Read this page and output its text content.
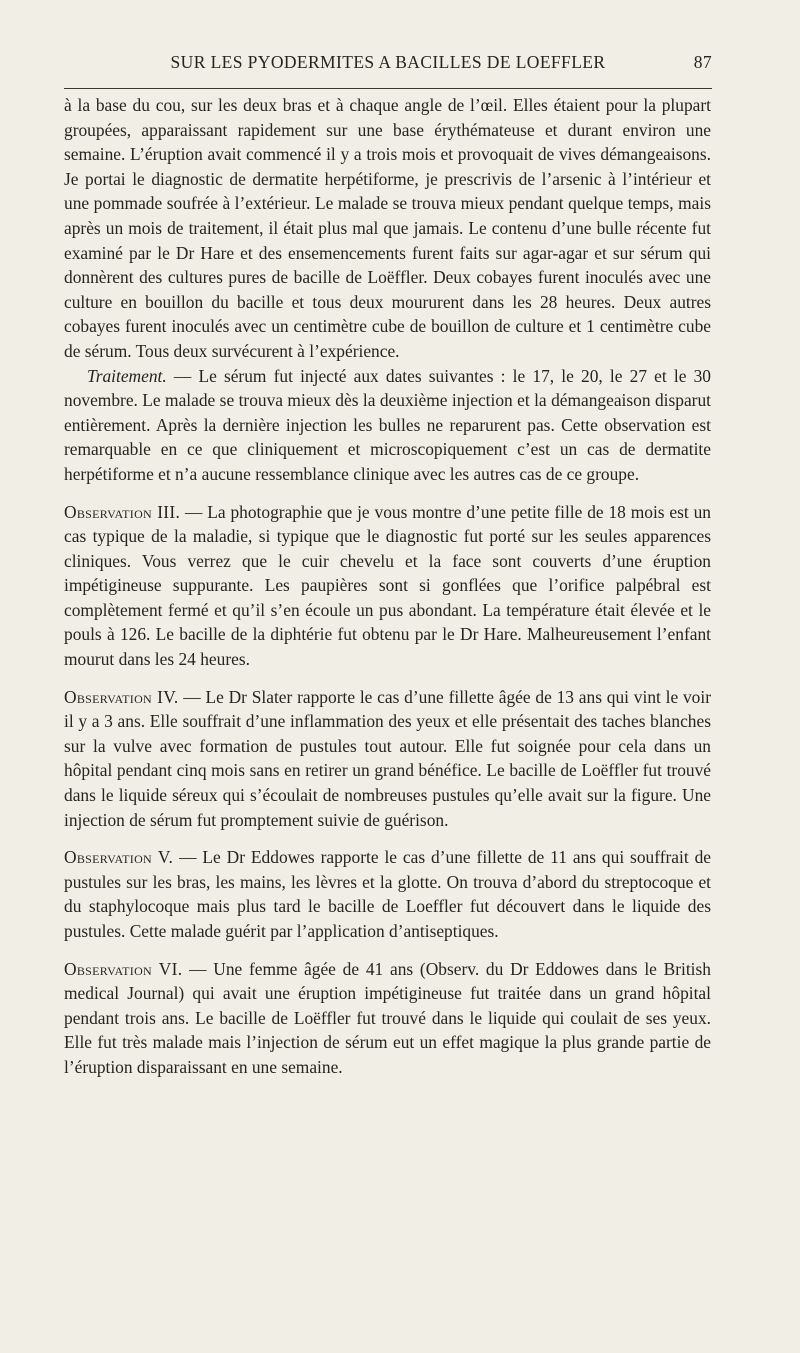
SUR LES PYODERMITES A BACILLES DE LOEFFLER	87

à la base du cou, sur les deux bras et à chaque angle de l’œil. Elles étaient pour la plupart groupées, apparaissant rapidement sur une base érythémateuse et durant environ une semaine. L’éruption avait commencé il y a trois mois et provoquait de vives démangeaisons. Je portai le diagnostic de dermatite herpétiforme, je prescrivis de l’arsenic à l’intérieur et une pommade soufrée à l’extérieur. Le malade se trouva mieux pendant quelque temps, mais après un mois de traitement, il était plus mal que jamais. Le contenu d’une bulle récente fut examiné par le Dr Hare et des ensemencements furent faits sur agar-agar et sur sérum qui donnèrent des cultures pures de bacille de Loëffler. Deux cobayes furent inoculés avec une culture en bouillon du bacille et tous deux moururent dans les 28 heures. Deux autres cobayes furent inoculés avec un centimètre cube de bouillon de culture et 1 centimètre cube de sérum. Tous deux survécurent à l’expérience.

Traitement. — Le sérum fut injecté aux dates suivantes : le 17, le 20, le 27 et le 30 novembre. Le malade se trouva mieux dès la deuxième injection et la démangeaison disparut entièrement. Après la dernière injection les bulles ne reparurent pas. Cette observation est remarquable en ce que cliniquement et microscopiquement c’est un cas de dermatite herpétiforme et n’a aucune ressemblance clinique avec les autres cas de ce groupe.

Observation III. — La photographie que je vous montre d’une petite fille de 18 mois est un cas typique de la maladie, si typique que le diagnostic fut porté sur les seules apparences cliniques. Vous verrez que le cuir chevelu et la face sont couverts d’une éruption impétigineuse suppurante. Les paupières sont si gonflées que l’orifice palpébral est complètement fermé et qu’il s’en écoule un pus abondant. La température était élevée et le pouls à 126. Le bacille de la diphtérie fut obtenu par le Dr Hare. Malheureusement l’enfant mourut dans les 24 heures.

Observation IV. — Le Dr Slater rapporte le cas d’une fillette âgée de 13 ans qui vint le voir il y a 3 ans. Elle souffrait d’une inflammation des yeux et elle présentait des taches blanches sur la vulve avec formation de pustules tout autour. Elle fut soignée pour cela dans un hôpital pendant cinq mois sans en retirer un grand bénéfice. Le bacille de Loëffler fut trouvé dans le liquide séreux qui s’écoulait de nombreuses pustules qu’elle avait sur la figure. Une injection de sérum fut promptement suivie de guérison.

Observation V. — Le Dr Eddowes rapporte le cas d’une fillette de 11 ans qui souffrait de pustules sur les bras, les mains, les lèvres et la glotte. On trouva d’abord du streptocoque et du staphylocoque mais plus tard le bacille de Loeffler fut découvert dans le liquide des pustules. Cette malade guérit par l’application d’antiseptiques.

Observation VI. — Une femme âgée de 41 ans (Observ. du Dr Eddowes dans le British medical Journal) qui avait une éruption impétigineuse fut traitée dans un grand hôpital pendant trois ans. Le bacille de Loëffler fut trouvé dans le liquide qui coulait de ses yeux. Elle fut très malade mais l’injection de sérum eut un effet magique la plus grande partie de l’éruption disparaissant en une semaine.
